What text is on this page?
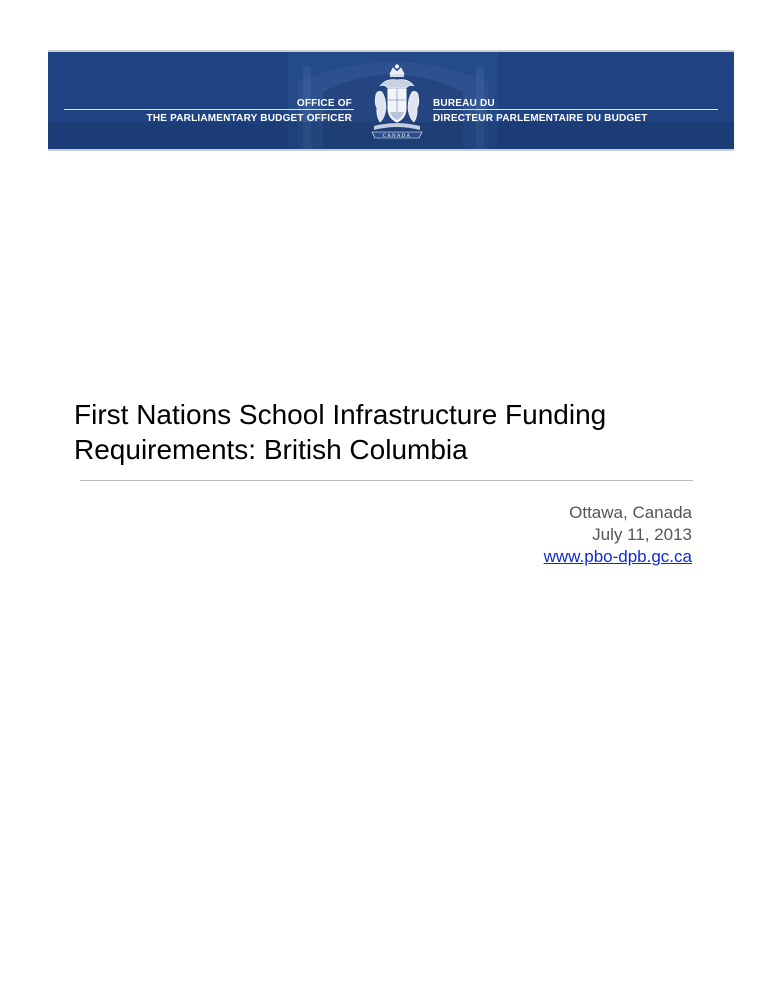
OFFICE OF
THE PARLIAMENTARY BUDGET OFFICER
BUREAU DU
DIRECTEUR PARLEMENTAIRE DU BUDGET
CANADA
First Nations School Infrastructure Funding
Requirements: British Columbia
Ottawa, Canada
July 11, 2013
www.pbo-dpb.gc.ca
